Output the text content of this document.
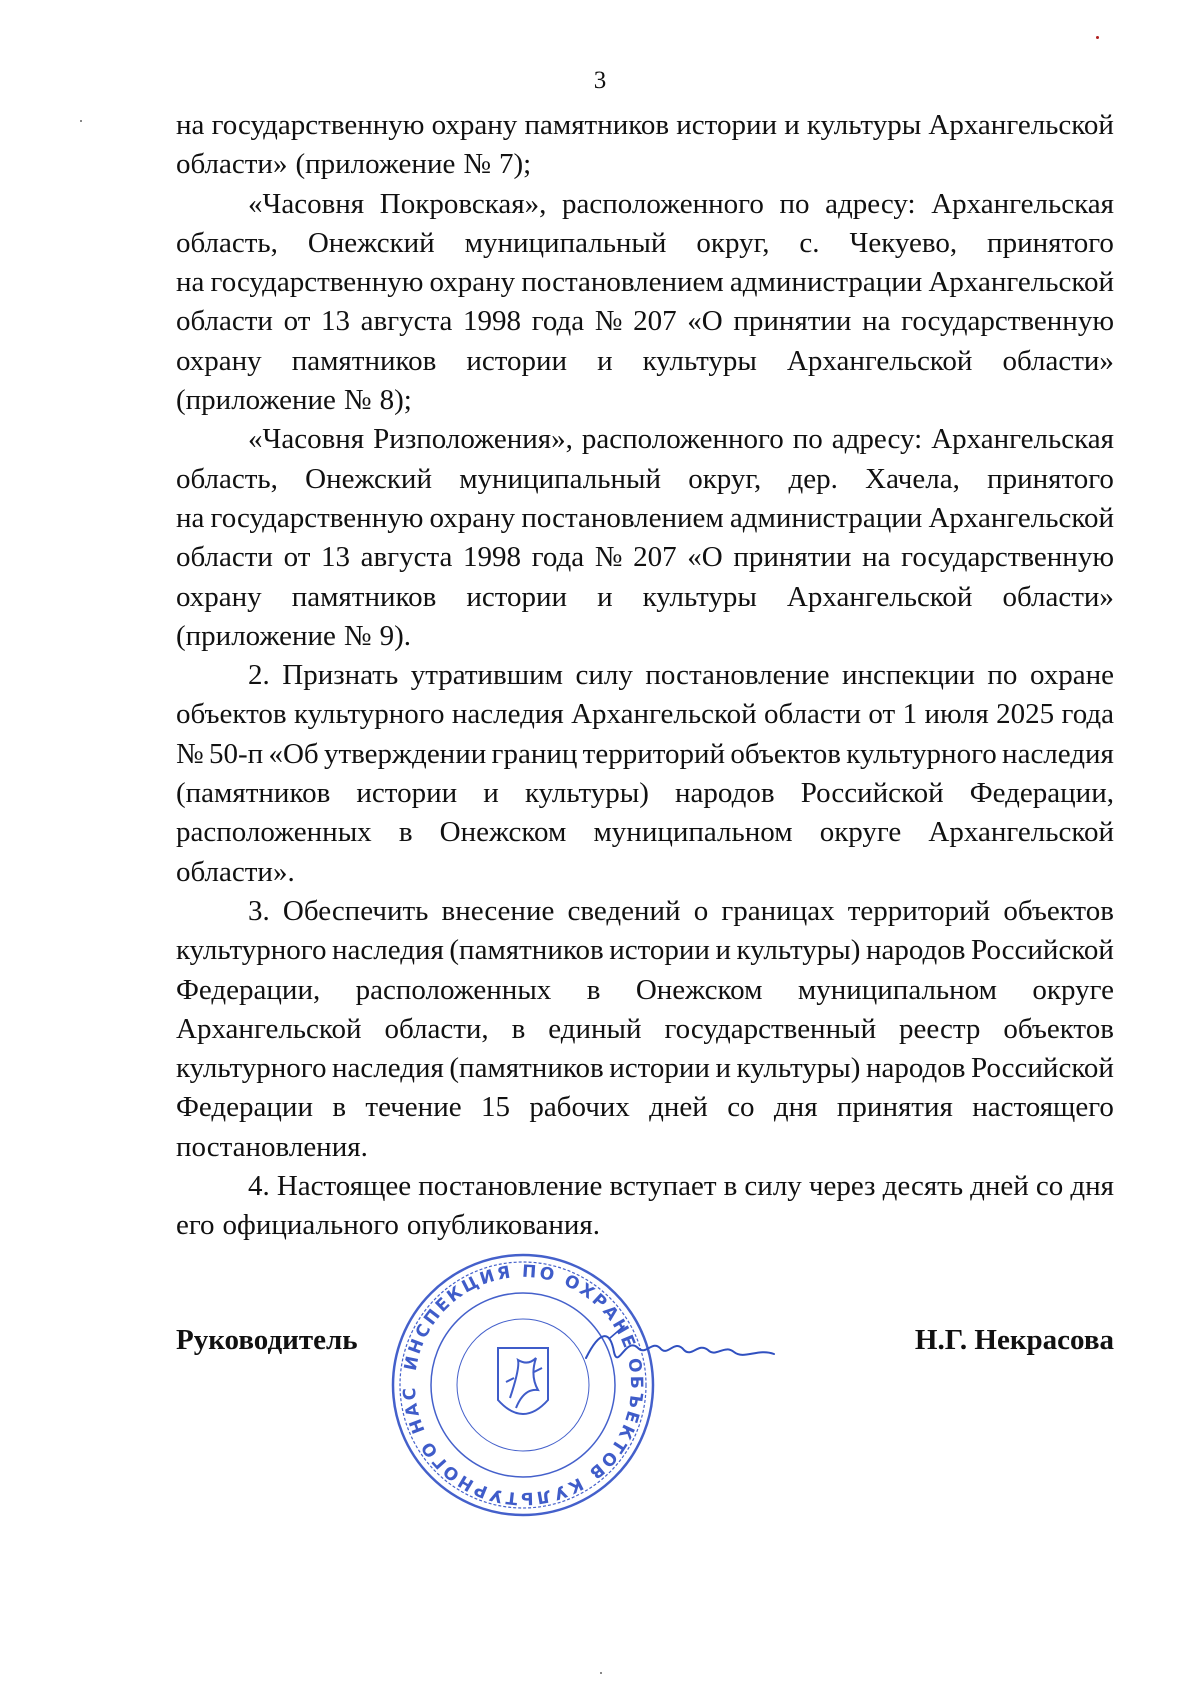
3
на государственную охрану памятников истории и культуры Архангельской
области» (приложение № 7);
«Часовня Покровская», расположенного по адресу: Архангельская
область, Онежский муниципальный округ, с. Чекуево, принятого
на государственную охрану постановлением администрации Архангельской
области от 13 августа 1998 года № 207 «О принятии на государственную
охрану памятников истории и культуры Архангельской области»
(приложение № 8);
«Часовня Ризположения», расположенного по адресу: Архангельская
область, Онежский муниципальный округ, дер. Хачела, принятого
на государственную охрану постановлением администрации Архангельской
области от 13 августа 1998 года № 207 «О принятии на государственную
охрану памятников истории и культуры Архангельской области»
(приложение № 9).
2. Признать утратившим силу постановление инспекции по охране
объектов культурного наследия Архангельской области от 1 июля 2025 года
№ 50-п «Об утверждении границ территорий объектов культурного наследия
(памятников истории и культуры) народов Российской Федерации,
расположенных в Онежском муниципальном округе Архангельской
области».
3. Обеспечить внесение сведений о границах территорий объектов
культурного наследия (памятников истории и культуры) народов Российской
Федерации, расположенных в Онежском муниципальном округе
Архангельской области, в единый государственный реестр объектов
культурного наследия (памятников истории и культуры) народов Российской
Федерации в течение 15 рабочих дней со дня принятия настоящего
постановления.
4. Настоящее постановление вступает в силу через десять дней со дня
его официального опубликования.
ИНСПЕКЦИЯ ПО ОХРАНЕ ОБЪЕКТОВ КУЛЬТУРНОГО НАС
Руководитель	Н.Г. Некрасова
